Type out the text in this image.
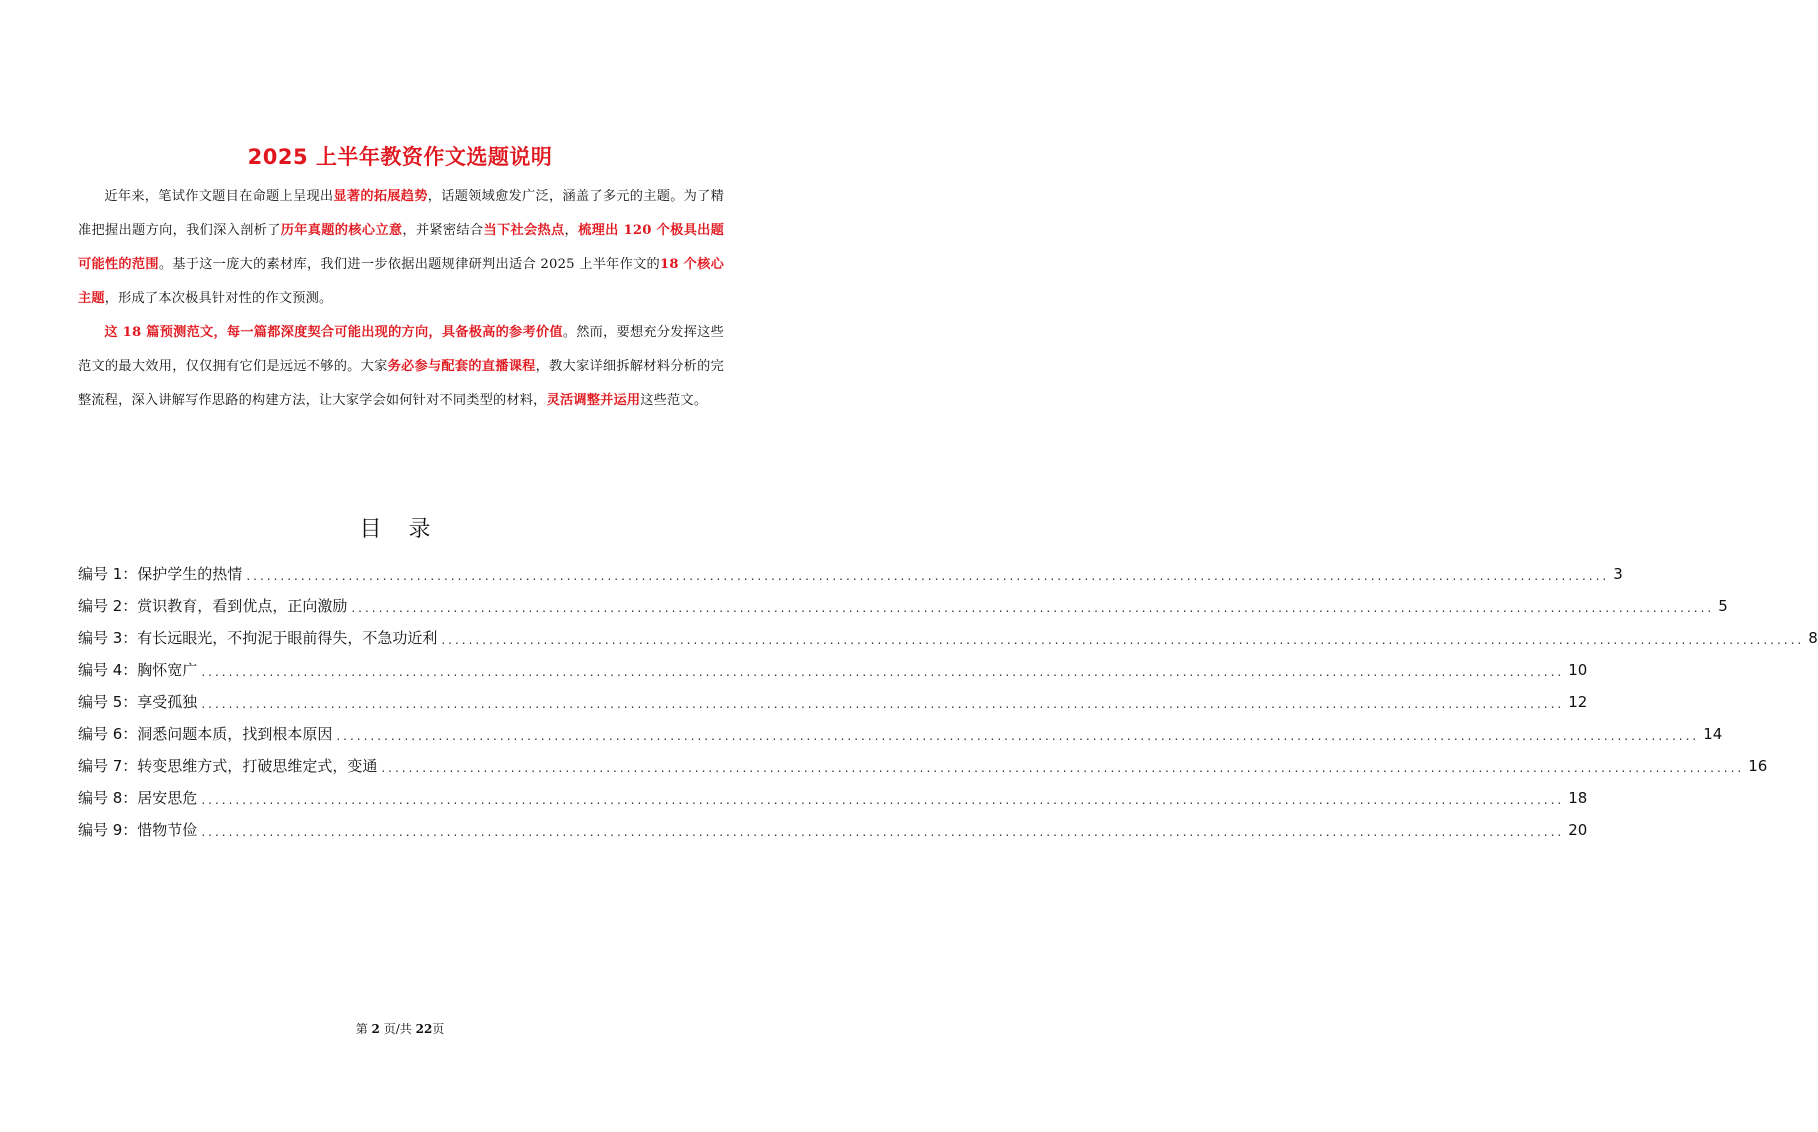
2025 上半年教资作文选题说明

近年来，笔试作文题目在命题上呈现出显著的拓展趋势，话题领域愈发广泛，涵盖了多元的主题。为了精准把握出题方向，我们深入剖析了历年真题的核心立意，并紧密结合当下社会热点，梳理出 120 个极具出题可能性的范围。基于这一庞大的素材库，我们进一步依据出题规律研判出适合 2025 上半年作文的18 个核心主题，形成了本次极具针对性的作文预测。

这 18 篇预测范文，每一篇都深度契合可能出现的方向，具备极高的参考价值。然而，要想充分发挥这些范文的最大效用，仅仅拥有它们是远远不够的。大家务必参与配套的直播课程，教大家详细拆解材料分析的完整流程，深入讲解写作思路的构建方法，让大家学会如何针对不同类型的材料，灵活调整并运用这些范文。

目 录
编号 1：保护学生的热情 ........................................................................................................................................................................................................ 3
编号 2：赏识教育，看到优点，正向激励 ........................................................................................................................................................................................................ 5
编号 3：有长远眼光，不拘泥于眼前得失，不急功近利 ........................................................................................................................................................................................................ 8
编号 4：胸怀宽广 ........................................................................................................................................................................................................ 10
编号 5：享受孤独 ........................................................................................................................................................................................................ 12
编号 6：洞悉问题本质，找到根本原因 ........................................................................................................................................................................................................ 14
编号 7：转变思维方式，打破思维定式，变通 ........................................................................................................................................................................................................ 16
编号 8：居安思危 ........................................................................................................................................................................................................ 18
编号 9：惜物节俭 ........................................................................................................................................................................................................ 20
第 2 页/共 22页
